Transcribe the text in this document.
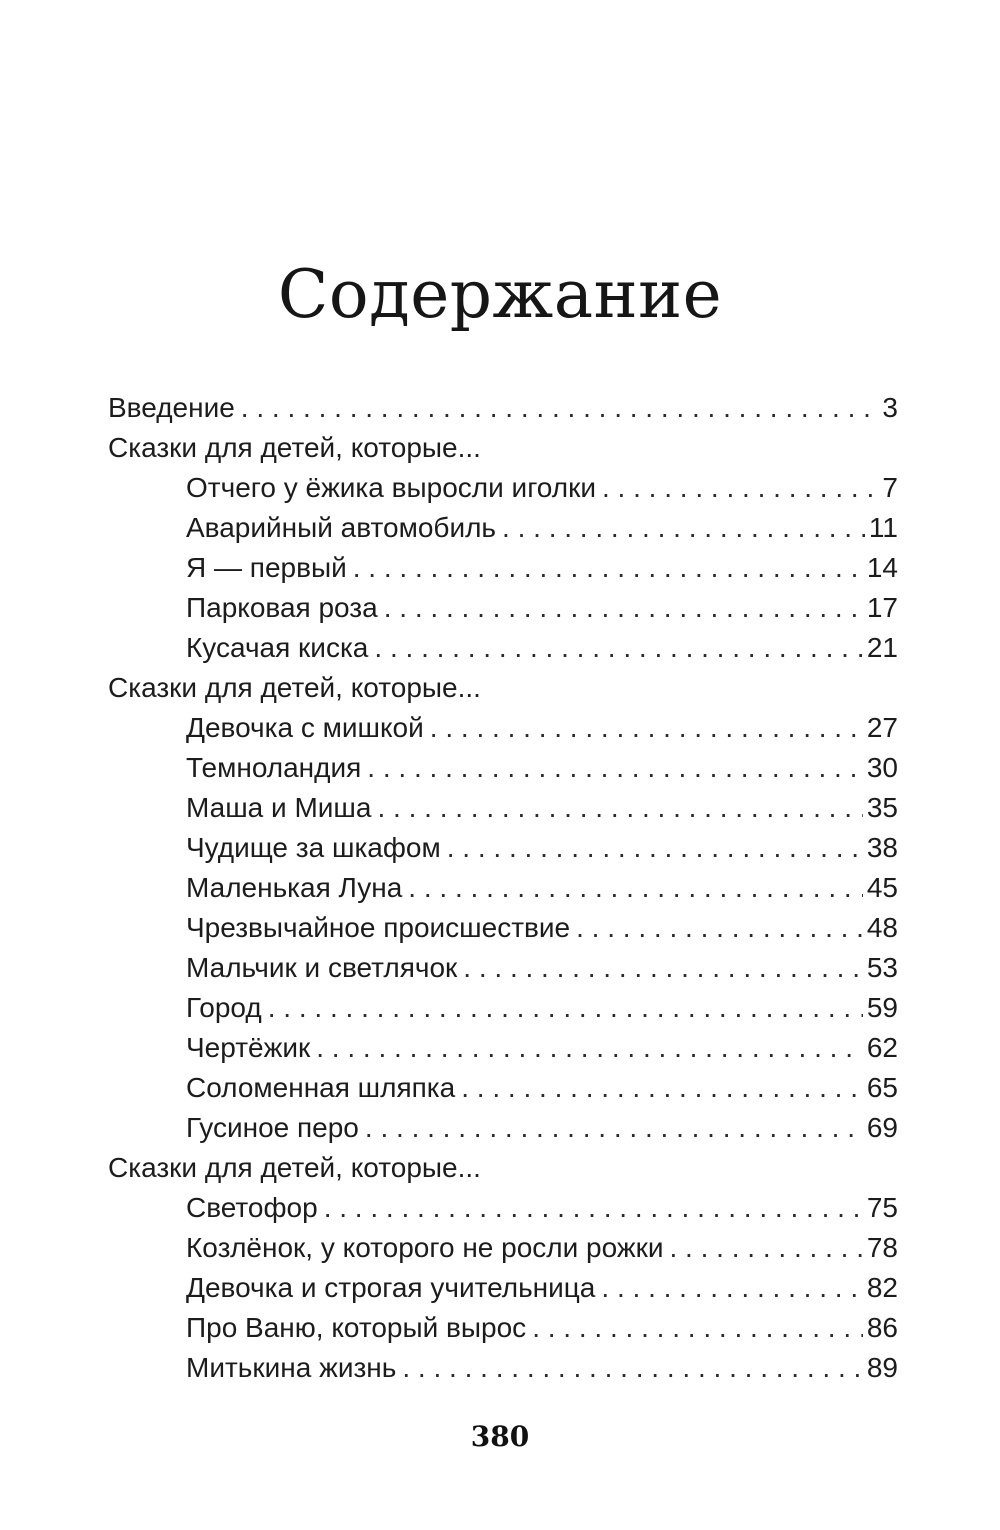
Содержание
Введение . . .	3
Сказки для детей, которые...
Отчего у ёжика выросли иголки . . .	7
Аварийный автомобиль . . .	11
Я — первый . . .	14
Парковая роза . . .	17
Кусачая киска . . .	21
Сказки для детей, которые...
Девочка с мишкой . . .	27
Темноландия . . .	30
Маша и Миша . . .	35
Чудище за шкафом . . .	38
Маленькая Луна . . .	45
Чрезвычайное происшествие . . .	48
Мальчик и светлячок . . .	53
Город . . .	59
Чертёжик . . .	62
Соломенная шляпка . . .	65
Гусиное перо . . .	69
Сказки для детей, которые...
Светофор . . .	75
Козлёнок, у которого не росли рожки . . .	78
Девочка и строгая учительница . . .	82
Про Ваню, который вырос . . .	86
Митькина жизнь . . .	89
380
